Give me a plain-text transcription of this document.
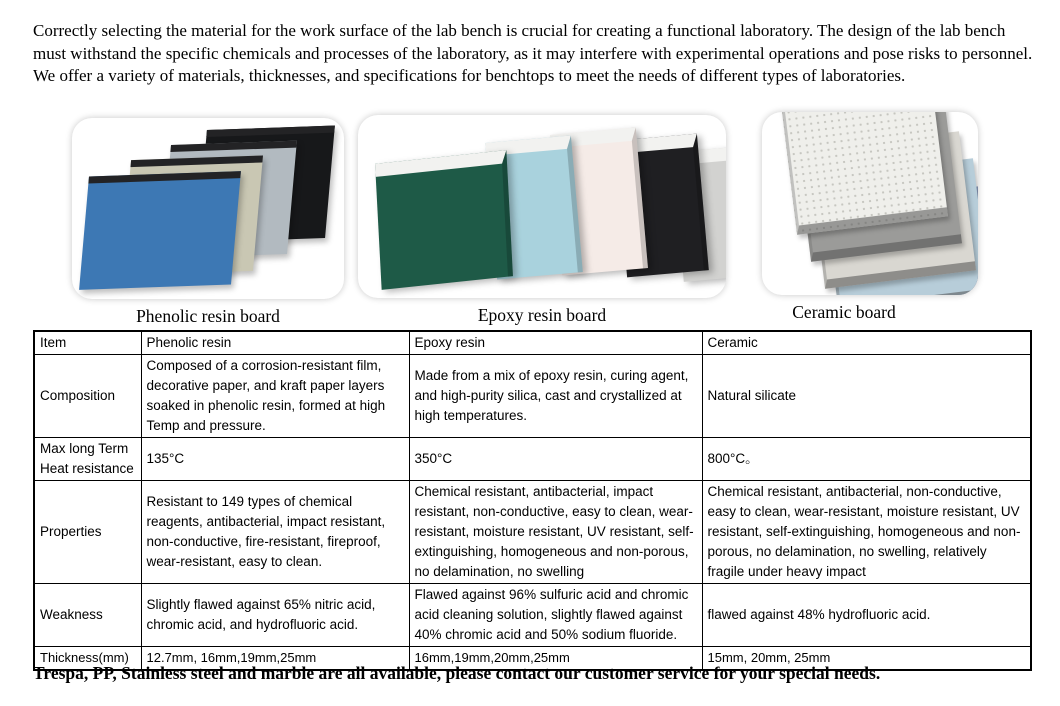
Correctly selecting the material for the work surface of the lab bench is crucial for creating a functional laboratory. The design of the lab bench must withstand the specific chemicals and processes of the laboratory, as it may interfere with experimental operations and pose risks to personnel. We offer a variety of materials, thicknesses, and specifications for benchtops to meet the needs of different types of laboratories.

Phenolic resin board	Epoxy resin board	Ceramic board
Item	Phenolic resin	Epoxy resin	Ceramic
Composition	Composed of a corrosion-resistant film, decorative paper, and kraft paper layers soaked in phenolic resin, formed at high Temp and pressure.	Made from a mix of epoxy resin, curing agent, and high-purity silica, cast and crystallized at high temperatures.	Natural silicate
Max long Term Heat resistance	135°C	350°C	800°C。
Properties	Resistant to 149 types of chemical reagents, antibacterial, impact resistant, non-conductive, fire-resistant, fireproof, wear-resistant, easy to clean.	Chemical resistant, antibacterial, impact resistant, non-conductive, easy to clean, wear-resistant, moisture resistant, UV resistant, self-extinguishing, homogeneous and non-porous, no delamination, no swelling	Chemical resistant, antibacterial, non-conductive, easy to clean, wear-resistant, moisture resistant, UV resistant, self-extinguishing, homogeneous and non-porous, no delamination, no swelling, relatively fragile under heavy impact
Weakness	Slightly flawed against 65% nitric acid, chromic acid, and hydrofluoric acid.	Flawed against 96% sulfuric acid and chromic acid cleaning solution, slightly flawed against 40% chromic acid and 50% sodium fluoride.	flawed against 48% hydrofluoric acid.
Thickness(mm)	12.7mm, 16mm,19mm,25mm	16mm,19mm,20mm,25mm	15mm, 20mm, 25mm

Trespa, PP, Stainless steel and marble are all available, please contact our customer service for your special needs.
